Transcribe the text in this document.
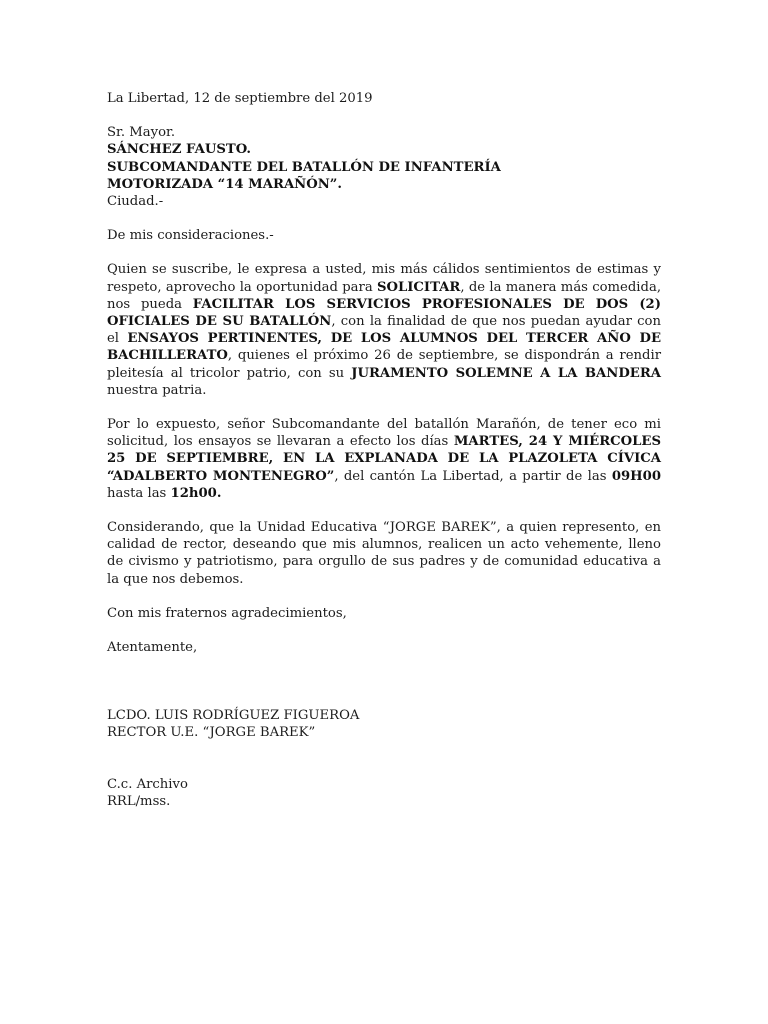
La Libertad, 12 de septiembre del 2019

Sr. Mayor.

SÁNCHEZ FAUSTO.

SUBCOMANDANTE DEL BATALLÓN DE INFANTERÍA

MOTORIZADA “14 MARAÑÓN”.

Ciudad.-

De mis consideraciones.-

Quien se suscribe, le expresa a usted, mis más cálidos sentimientos de estimas y respeto, aprovecho la oportunidad para SOLICITAR, de la manera más comedida, nos pueda FACILITAR LOS SERVICIOS PROFESIONALES DE DOS (2) OFICIALES DE SU BATALLÓN, con la finalidad de que nos puedan ayudar con el ENSAYOS PERTINENTES, DE LOS ALUMNOS DEL TERCER AÑO DE BACHILLERATO, quienes el próximo 26 de septiembre, se dispondrán a rendir pleitesía al tricolor patrio, con su JURAMENTO SOLEMNE A LA BANDERA nuestra patria.

Por lo expuesto, señor Subcomandante del batallón Marañón, de tener eco mi solicitud, los ensayos se llevaran a efecto los días MARTES, 24 Y MIÉRCOLES 25 DE SEPTIEMBRE, EN LA EXPLANADA DE LA PLAZOLETA CÍVICA “ADALBERTO MONTENEGRO”, del cantón La Libertad, a partir de las 09H00 hasta las 12h00.

Considerando, que la Unidad Educativa “JORGE BAREK”, a quien represento, en calidad de rector, deseando que mis alumnos, realicen un acto vehemente, lleno de civismo y patriotismo, para orgullo de sus padres y de comunidad educativa a la que nos debemos.

Con mis fraternos agradecimientos,

Atentamente,

LCDO. LUIS RODRÍGUEZ FIGUEROA

RECTOR U.E. “JORGE BAREK”

C.c. Archivo

RRL/mss.
